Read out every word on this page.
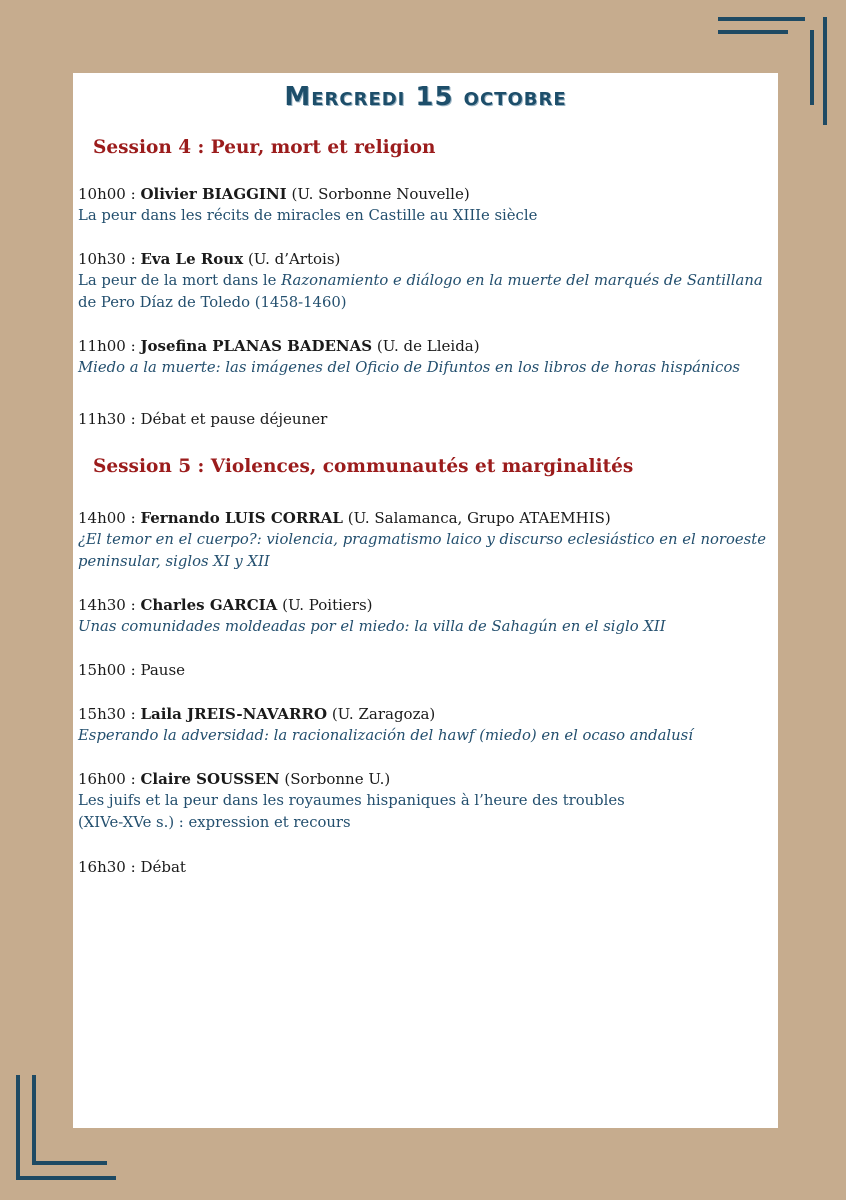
Mercredi 15 octobre
Session 4 : Peur, mort et religion
10h00 : Olivier BIAGGINI (U. Sorbonne Nouvelle)
La peur dans les récits de miracles en Castille au XIIIe siècle
10h30 : Eva Le Roux (U. d’Artois)
La peur de la mort dans le Razonamiento e diálogo en la muerte del marqués de Santillana
de Pero Díaz de Toledo (1458-1460)
11h00 : Josefina PLANAS BADENAS (U. de Lleida)
Miedo a la muerte: las imágenes del Oficio de Difuntos en los libros de horas hispánicos
11h30 : Débat et pause déjeuner
Session 5 : Violences, communautés et marginalités
14h00 : Fernando LUIS CORRAL (U. Salamanca, Grupo ATAEMHIS)
¿El temor en el cuerpo?: violencia, pragmatismo laico y discurso eclesiástico en el noroeste
peninsular, siglos XI y XII
14h30 : Charles GARCIA (U. Poitiers)
Unas comunidades moldeadas por el miedo: la villa de Sahagún en el siglo XII
15h00 : Pause
15h30 : Laila JREIS-NAVARRO (U. Zaragoza)
Esperando la adversidad: la racionalización del hawf (miedo) en el ocaso andalusí
16h00 : Claire SOUSSEN (Sorbonne U.)
Les juifs et la peur dans les royaumes hispaniques à l’heure des troubles
(XIVe-XVe s.) : expression et recours
16h30 : Débat
